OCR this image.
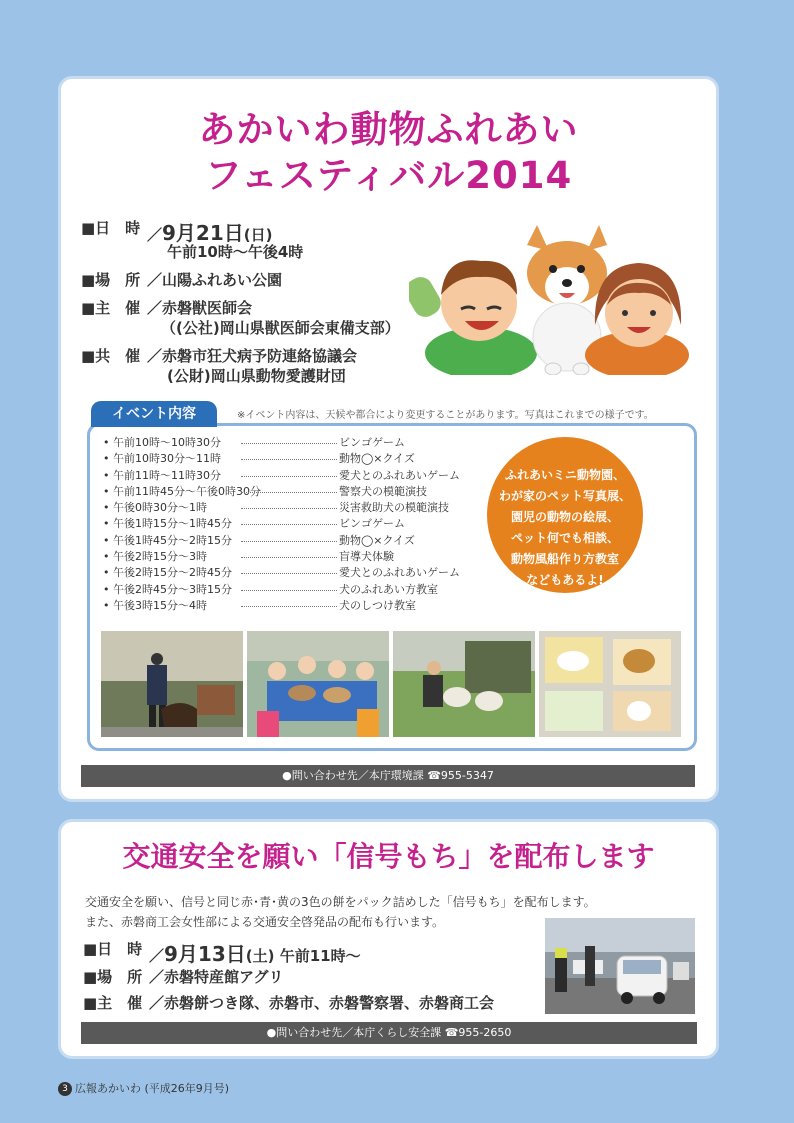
あかいわ動物ふれあい
フェスティバル2014
■日　時 ／9月21日(日)
午前10時〜午後4時
■場　所 ／山陽ふれあい公園
■主　催 ／赤磐獣医師会
（(公社)岡山県獣医師会東備支部）
■共　催 ／赤磐市狂犬病予防連絡協議会
(公財)岡山県動物愛護財団
イベント内容	※イベント内容は、天候や都合により変更することがあります。写真はこれまでの様子です。
• 午前10時〜10時30分	ビンゴゲーム
• 午前10時30分〜11時	動物◯×クイズ
• 午前11時〜11時30分	愛犬とのふれあいゲーム
• 午前11時45分〜午後0時30分	警察犬の模範演技
• 午後0時30分〜1時	災害救助犬の模範演技
• 午後1時15分〜1時45分	ビンゴゲーム
• 午後1時45分〜2時15分	動物◯×クイズ
• 午後2時15分〜3時	盲導犬体験
• 午後2時15分〜2時45分	愛犬とのふれあいゲーム
• 午後2時45分〜3時15分	犬のふれあい方教室
• 午後3時15分〜4時	犬のしつけ教室
ふれあいミニ動物園、
わが家のペット写真展、
園児の動物の絵展、
ペット何でも相談、
動物風船作り方教室
などもあるよ!
●問い合わせ先／本庁環境課 ☎955-5347
交通安全を願い「信号もち」を配布します
交通安全を願い、信号と同じ赤･青･黄の3色の餅をパック詰めした「信号もち」を配布します。
また、赤磐商工会女性部による交通安全啓発品の配布も行います。
■日　時 ／9月13日(土) 午前11時〜
■場　所 ／赤磐特産館アグリ
■主　催 ／赤磐餅つき隊、赤磐市、赤磐警察署、赤磐商工会
●問い合わせ先／本庁くらし安全課 ☎955-2650
3 広報あかいわ (平成26年9月号)
